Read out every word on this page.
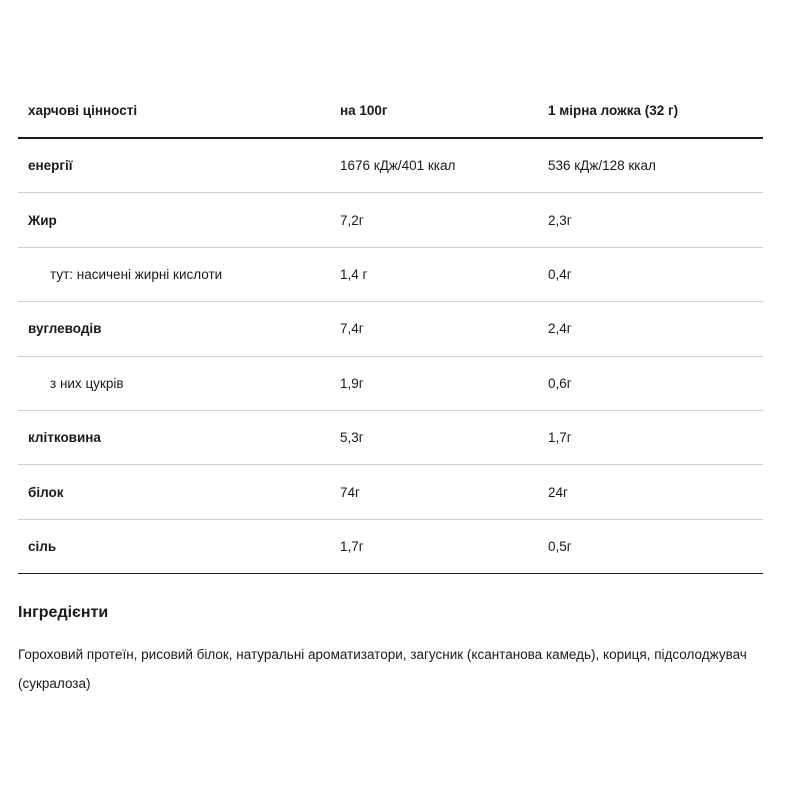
харчові цінності	на 100г	1 мірна ложка (32 г)
енергії	1676 кДж/401 ккал	536 кДж/128 ккал
Жир	7,2г	2,3г
тут: насичені жирні кислоти	1,4 г	0,4г
вуглеводів	7,4г	2,4г
з них цукрів	1,9г	0,6г
клітковина	5,3г	1,7г
білок	74г	24г
сіль	1,7г	0,5г
Інгредієнти
Гороховий протеїн, рисовий білок, натуральні ароматизатори, загусник (ксантанова камедь), кориця, підсолоджувач (сукралоза)
